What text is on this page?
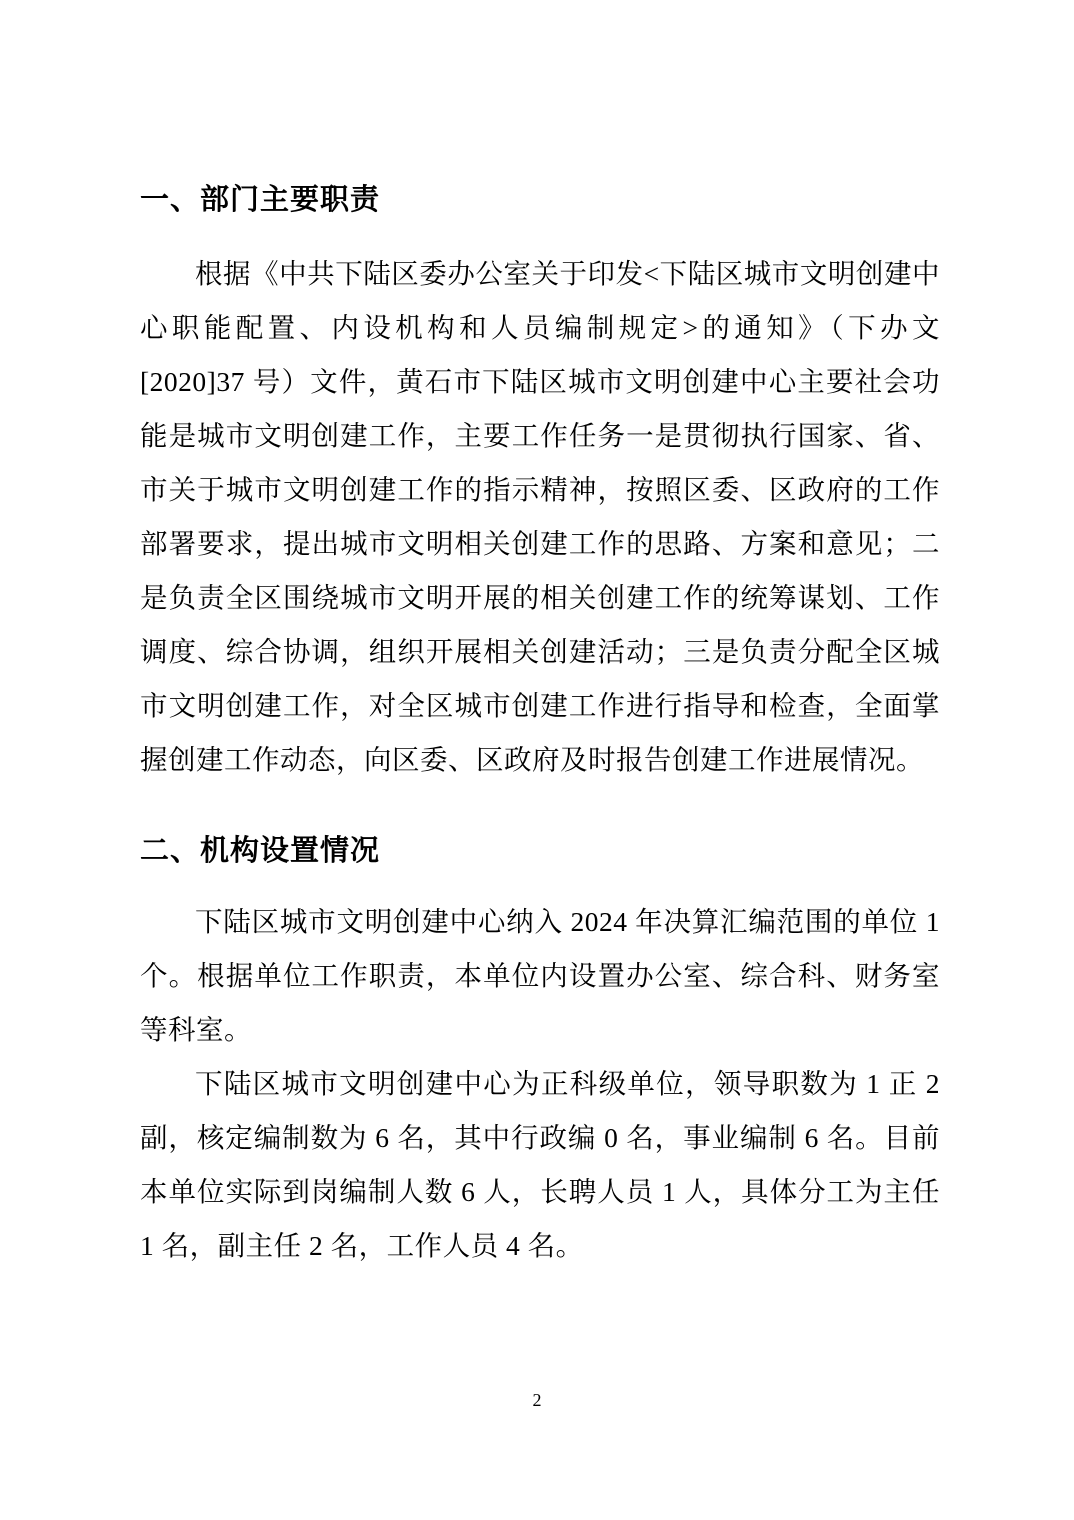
一、部门主要职责

根据《中共下陆区委办公室关于印发<下陆区城市文明创建中心职能配置、内设机构和人员编制规定>的通知》（下办文[2020]37 号）文件，黄石市下陆区城市文明创建中心主要社会功能是城市文明创建工作，主要工作任务一是贯彻执行国家、省、市关于城市文明创建工作的指示精神，按照区委、区政府的工作部署要求，提出城市文明相关创建工作的思路、方案和意见；二是负责全区围绕城市文明开展的相关创建工作的统筹谋划、工作调度、综合协调，组织开展相关创建活动；三是负责分配全区城市文明创建工作，对全区城市创建工作进行指导和检查，全面掌握创建工作动态，向区委、区政府及时报告创建工作进展情况。

二、机构设置情况

下陆区城市文明创建中心纳入 2024 年决算汇编范围的单位 1 个。根据单位工作职责，本单位内设置办公室、综合科、财务室等科室。

下陆区城市文明创建中心为正科级单位，领导职数为 1 正 2 副，核定编制数为 6 名，其中行政编 0 名，事业编制 6 名。目前本单位实际到岗编制人数 6 人，长聘人员 1 人，具体分工为主任 1 名，副主任 2 名，工作人员 4 名。

2
